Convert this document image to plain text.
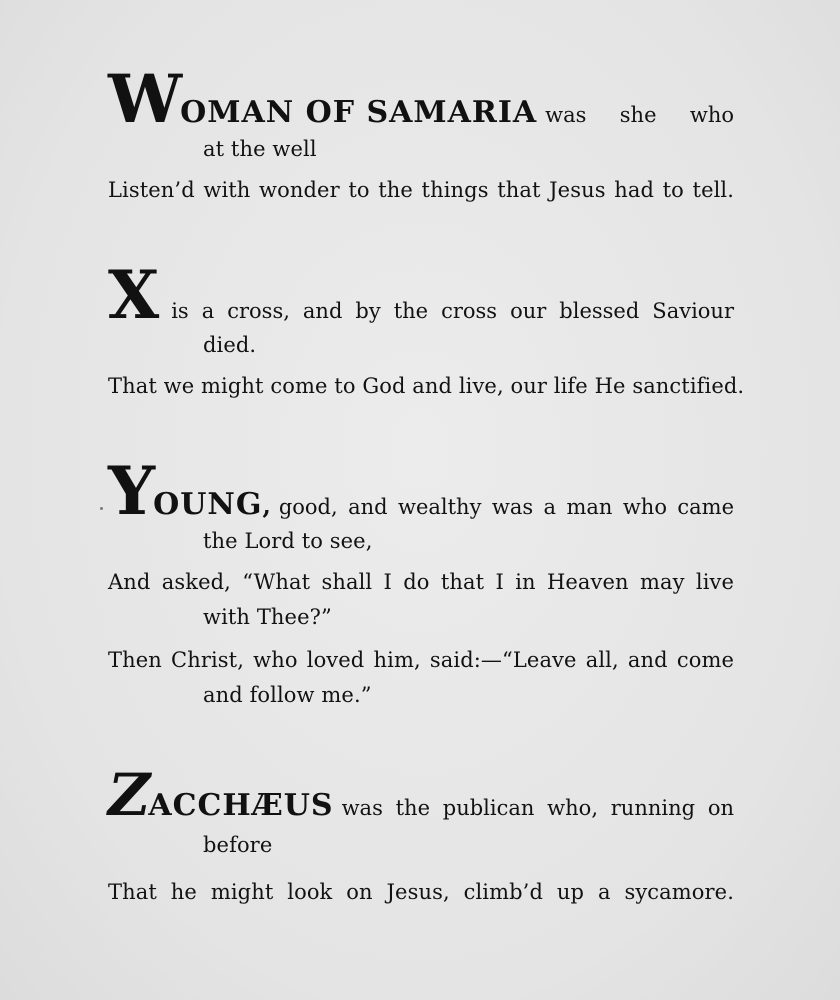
W OMAN OF SAMARIA was she who
at the well
Listen’d with wonder to the things that Jesus had to tell.
X is a cross, and by the cross our blessed Saviour
died.
That we might come to God and live, our life He sanctified.
Y OUNG , good, and wealthy was a man who came
the Lord to see,
And asked, “What shall I do that I in Heaven may live
with Thee?”
Then Christ, who loved him, said:—“Leave all, and come
and follow me.”
Z ACCHÆUS was the publican who, running on
before
That he might look on Jesus, climb’d up a sycamore.
